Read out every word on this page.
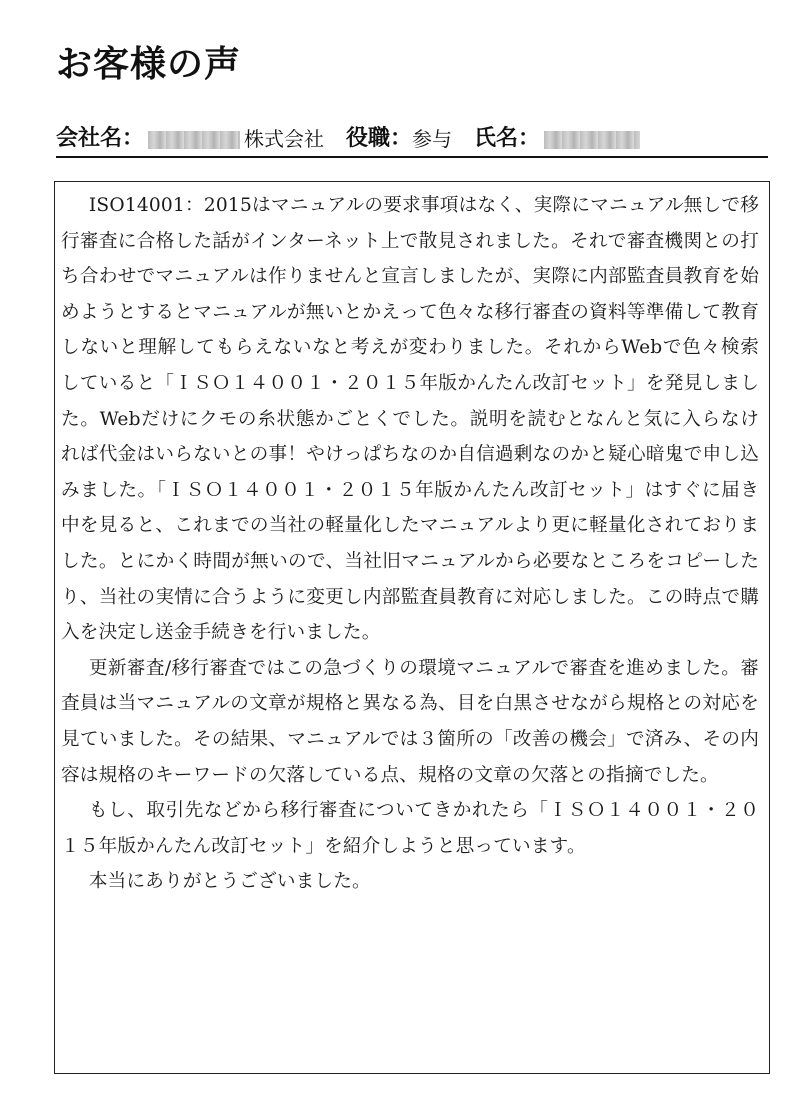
お客様の声
会社名：	株式会社 役職： 参与 氏名：

ISO14001：2015はマニュアルの要求事項はなく、実際にマニュアル無しで移行審査に合格した話がインターネット上で散見されました。それで審査機関との打ち合わせでマニュアルは作りませんと宣言しましたが、実際に内部監査員教育を始めようとするとマニュアルが無いとかえって色々な移行審査の資料等準備して教育しないと理解してもらえないなと考えが変わりました。それからWebで色々検索していると「ＩＳＯ１４００１・２０１５年版かんたん改訂セット」を発見しました。Webだけにクモの糸状態かごとくでした。説明を読むとなんと気に入らなければ代金はいらないとの事！やけっぱちなのか自信過剰なのかと疑心暗鬼で申し込みました。「ＩＳＯ１４００１・２０１５年版かんたん改訂セット」はすぐに届き中を見ると、これまでの当社の軽量化したマニュアルより更に軽量化されておりました。とにかく時間が無いので、当社旧マニュアルから必要なところをコピーしたり、当社の実情に合うように変更し内部監査員教育に対応しました。この時点で購入を決定し送金手続きを行いました。

更新審査/移行審査ではこの急づくりの環境マニュアルで審査を進めました。審査員は当マニュアルの文章が規格と異なる為、目を白黒させながら規格との対応を見ていました。その結果、マニュアルでは３箇所の「改善の機会」で済み、その内容は規格のキーワードの欠落している点、規格の文章の欠落との指摘でした。

もし、取引先などから移行審査についてきかれたら「ＩＳＯ１４００１・２０１５年版かんたん改訂セット」を紹介しようと思っています。

本当にありがとうございました。
